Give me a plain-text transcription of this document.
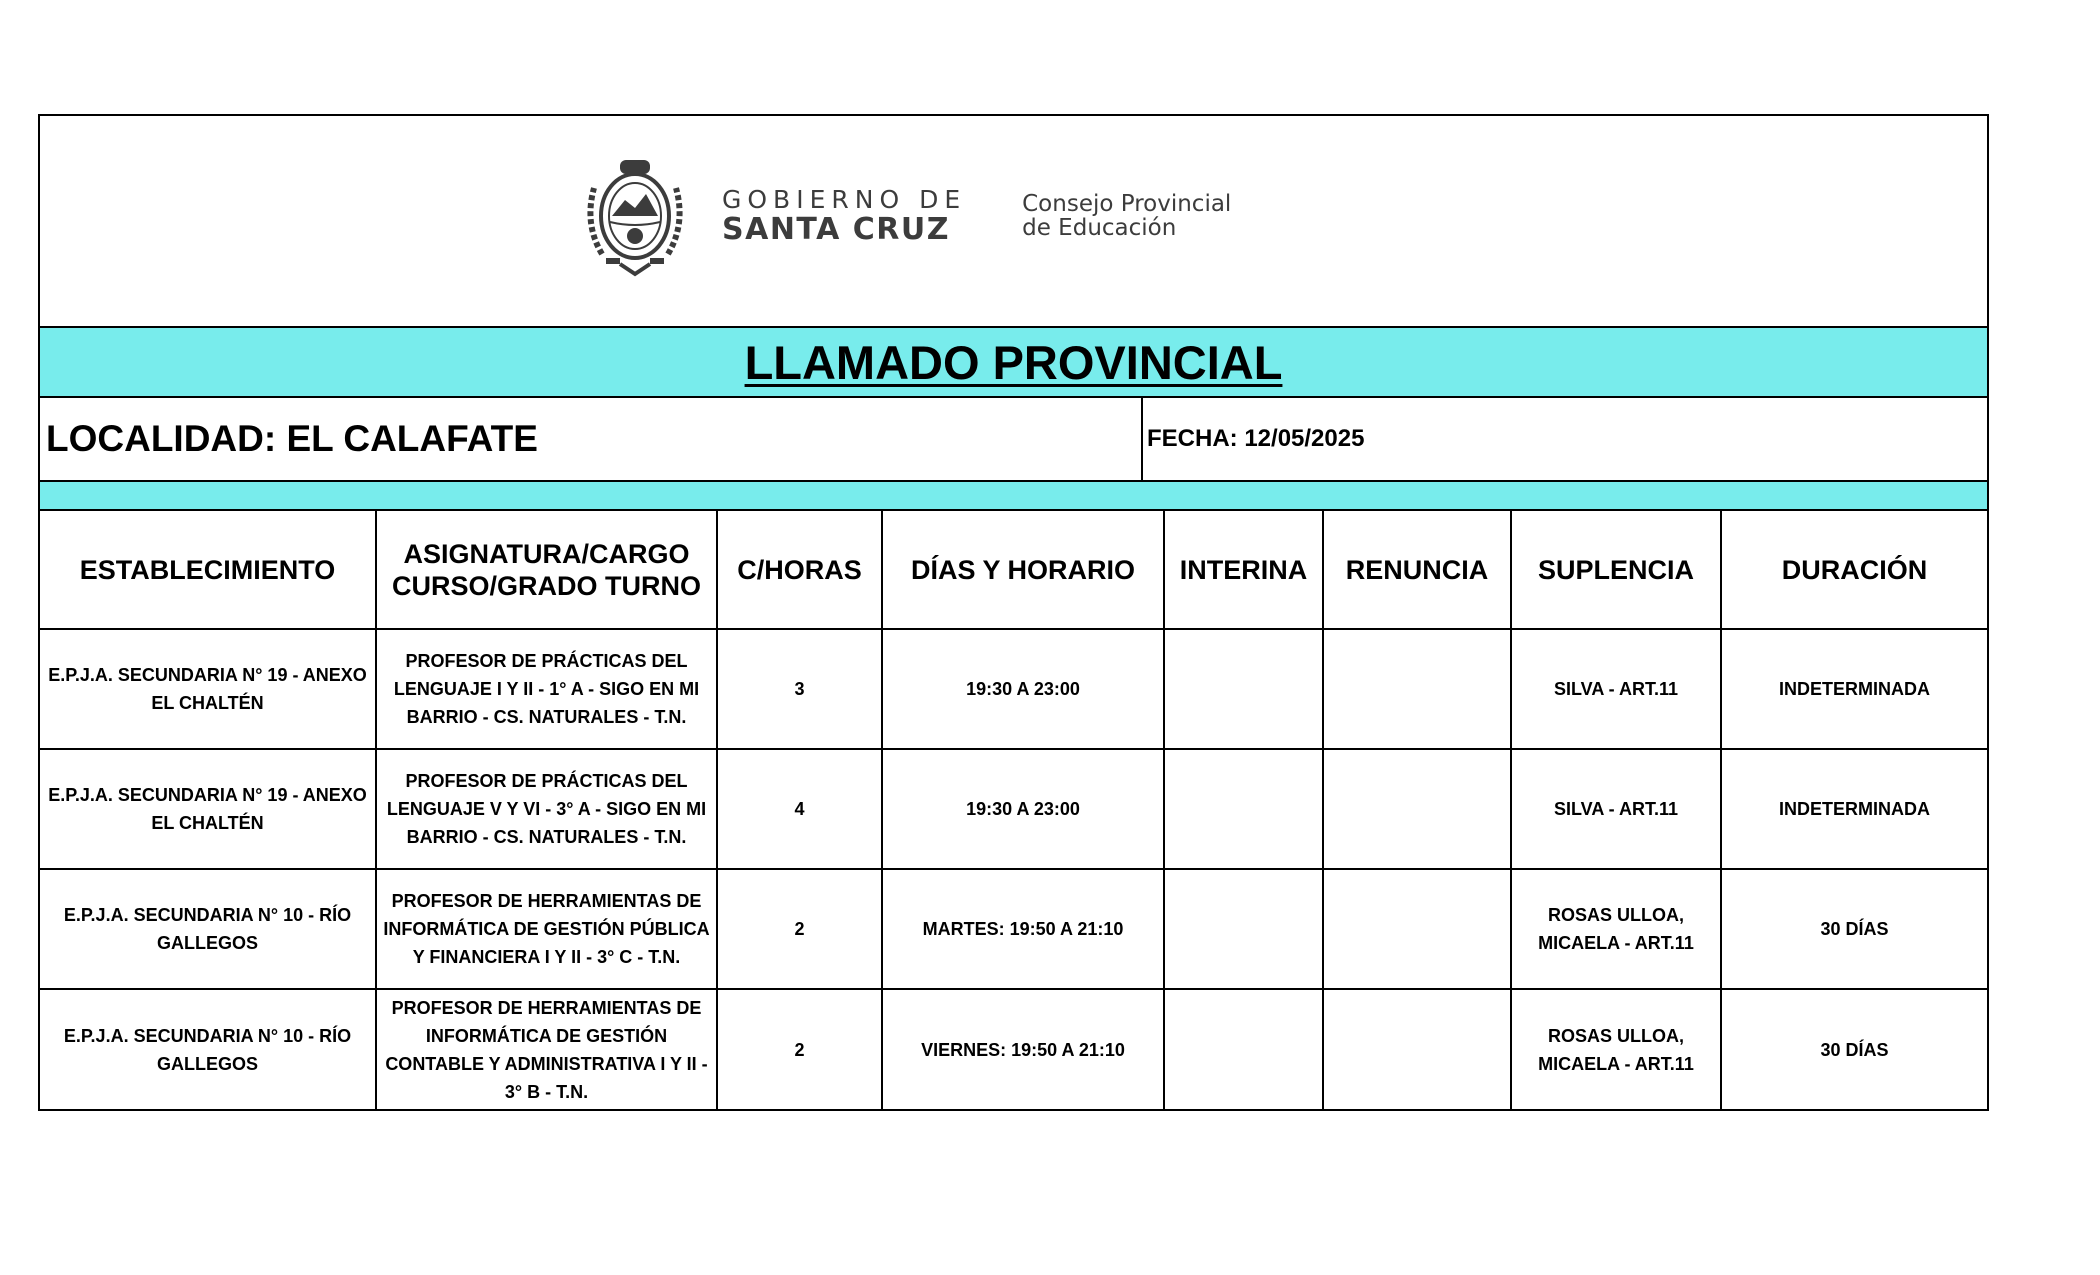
GOBIERNO DE
SANTA CRUZ
Consejo Provincial
de Educación
LLAMADO PROVINCIAL
LOCALIDAD: EL CALAFATE	FECHA: 12/05/2025
ESTABLECIMIENTO	ASIGNATURA/CARGO CURSO/GRADO TURNO	C/HORAS	DÍAS Y HORARIO	INTERINA	RENUNCIA	SUPLENCIA	DURACIÓN
E.P.J.A. SECUNDARIA N° 19 - ANEXO EL CHALTÉN	PROFESOR DE PRÁCTICAS DEL LENGUAJE I Y II - 1° A - SIGO EN MI BARRIO - CS. NATURALES - T.N.	3	19:30 A 23:00			SILVA - ART.11	INDETERMINADA
E.P.J.A. SECUNDARIA N° 19 - ANEXO EL CHALTÉN	PROFESOR DE PRÁCTICAS DEL LENGUAJE V Y VI - 3° A - SIGO EN MI BARRIO - CS. NATURALES - T.N.	4	19:30 A 23:00			SILVA - ART.11	INDETERMINADA
E.P.J.A. SECUNDARIA N° 10 - RÍO GALLEGOS	PROFESOR DE HERRAMIENTAS DE INFORMÁTICA DE GESTIÓN PÚBLICA Y FINANCIERA I Y II - 3° C - T.N.	2	MARTES: 19:50 A 21:10			ROSAS ULLOA, MICAELA - ART.11	30 DÍAS
E.P.J.A. SECUNDARIA N° 10 - RÍO GALLEGOS	PROFESOR DE HERRAMIENTAS DE INFORMÁTICA DE GESTIÓN CONTABLE Y ADMINISTRATIVA I Y II - 3° B - T.N.	2	VIERNES: 19:50 A 21:10			ROSAS ULLOA, MICAELA - ART.11	30 DÍAS
